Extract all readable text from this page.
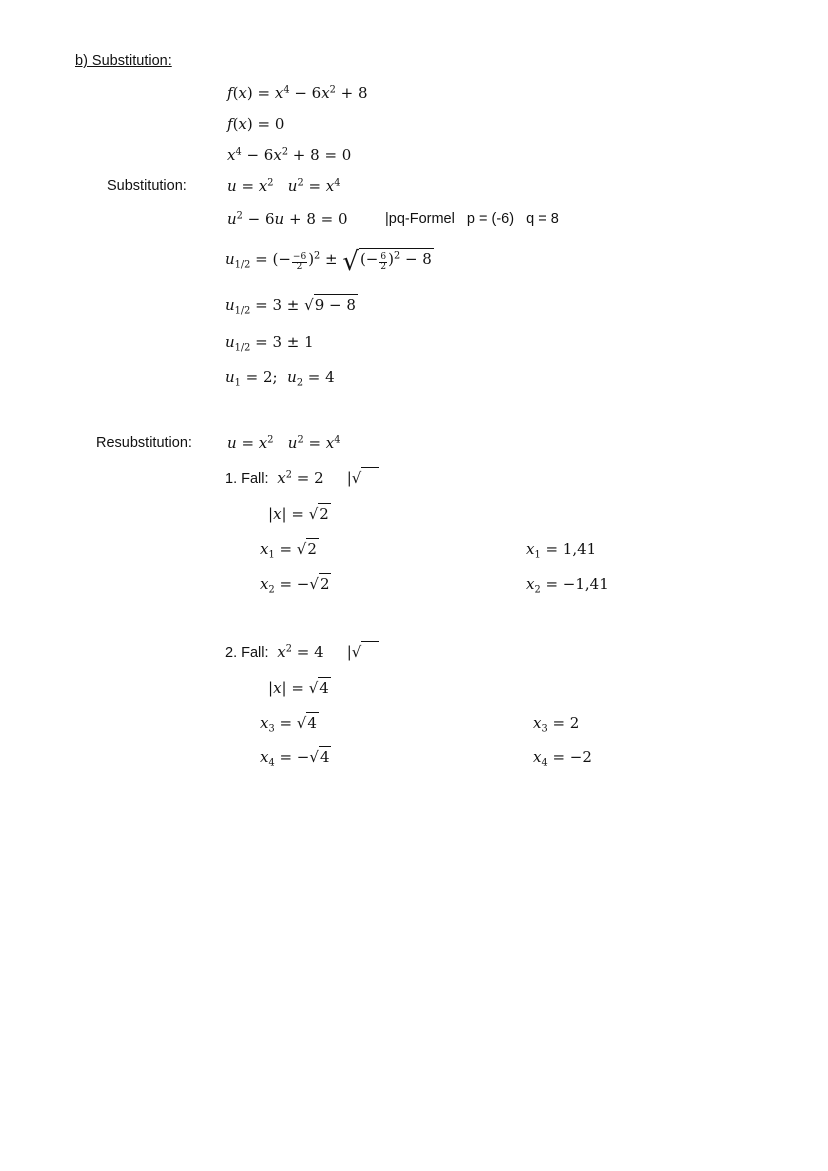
b) Substitution:
$f(x) = x^4 - 6x^2 + 8$
f(x) = 0
$x^4 - 6x^2 + 8 = 0$
Substitution:	$u = x^2$ $u^2 = x^4$
$u^2 - 6u + 8 = 0$	|pq-Formel   p = (-6)   q = 8
$u_{1/2}$ = (− $\frac{-6}{2} )^2$ ± √(− $\frac{6}{2} )^2 - 8$
$u_{1/2} = 3 \pm √9 - 8$
$u_{1/2} = 3 \pm 1$
$u_1 = 2$;  $u_2 = 4$
Resubstitution: $u = x^2$ $u^2 = x^4$
1. Fall: $x^2 = 2$     |√
|x| = √2
$x_1 = √2$	$x_1 = 1,41$
$x_2 = -√2$	$x_2 = -1,41$
2. Fall: $x^2 = 4$     |√
|x| = √4
$x_3 = √4$	$x_3 = 2$
$x_4 = -√4$	$x_4 = -2$
